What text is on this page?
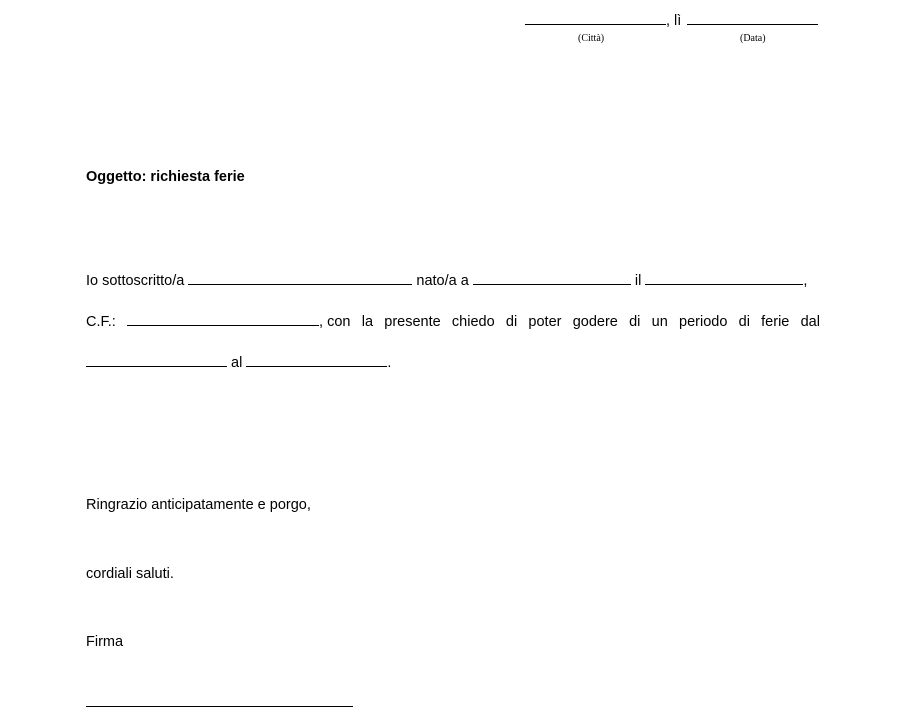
, lì
(Città)	(Data)
Oggetto: richiesta ferie
Io sottoscritto/a	nato/a a	il	,
C.F.:	, con la presente chiedo di poter godere di un periodo di ferie dal
al	.
Ringrazio anticipatamente e porgo,
cordiali saluti.
Firma
